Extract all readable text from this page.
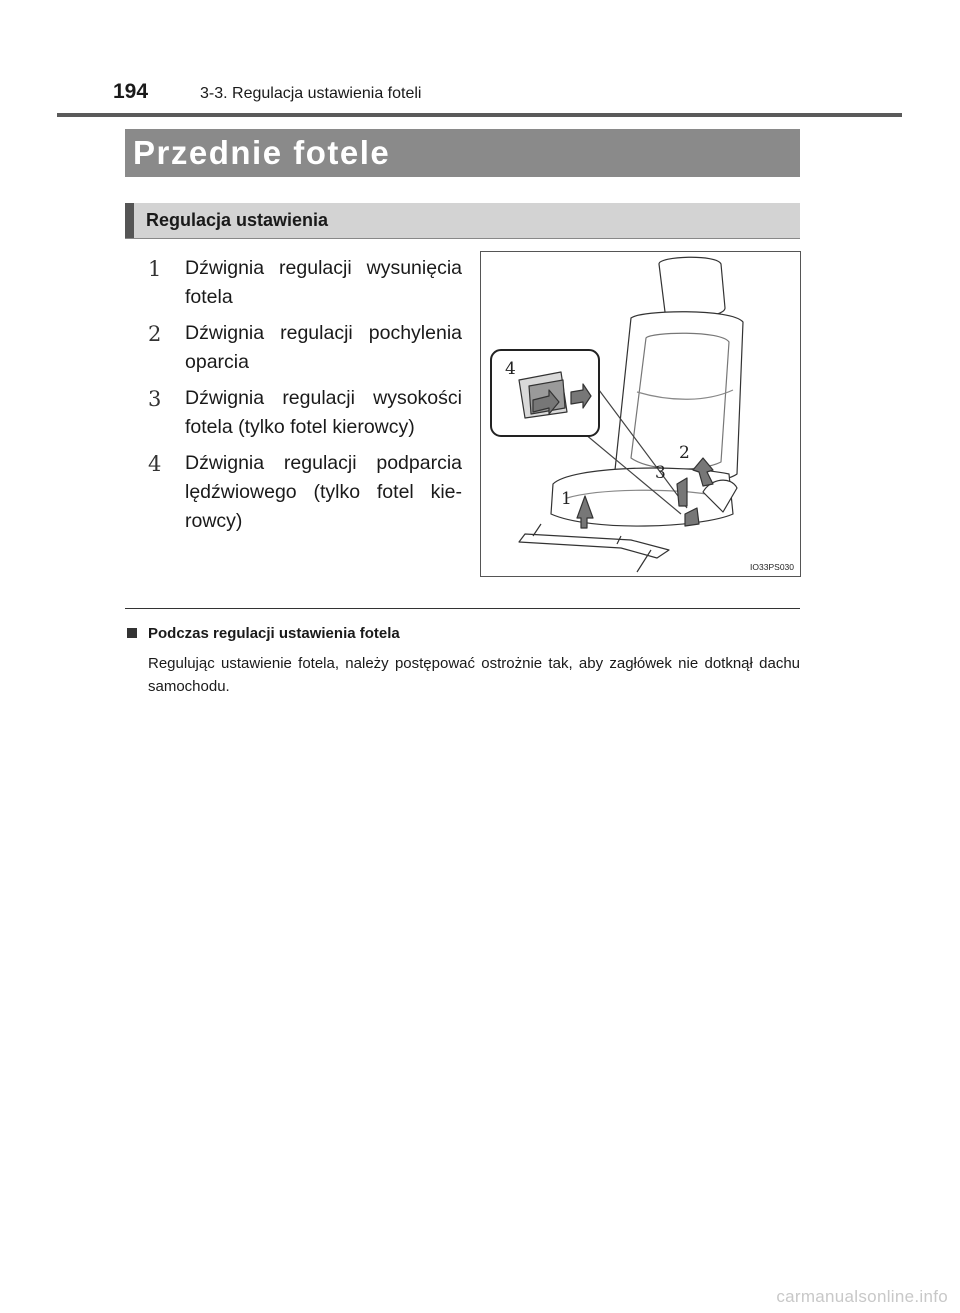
194	3-3. Regulacja ustawienia foteli
Przednie fotele
Regulacja ustawienia
1 Dźwignia regulacji wysunięcia fotela
2 Dźwignia regulacji pochylenia oparcia
3 Dźwignia regulacji wysokości fotela (tylko fotel kierowcy)
4 Dźwignia regulacji podparcia lędźwiowego (tylko fotel kie-rowcy)
4
2
3
1
IO33PS030
Podczas regulacji ustawienia fotela
Regulując ustawienie fotela, należy postępować ostrożnie tak, aby zagłówek nie dotknął dachu samochodu.
carmanualsonline.info
